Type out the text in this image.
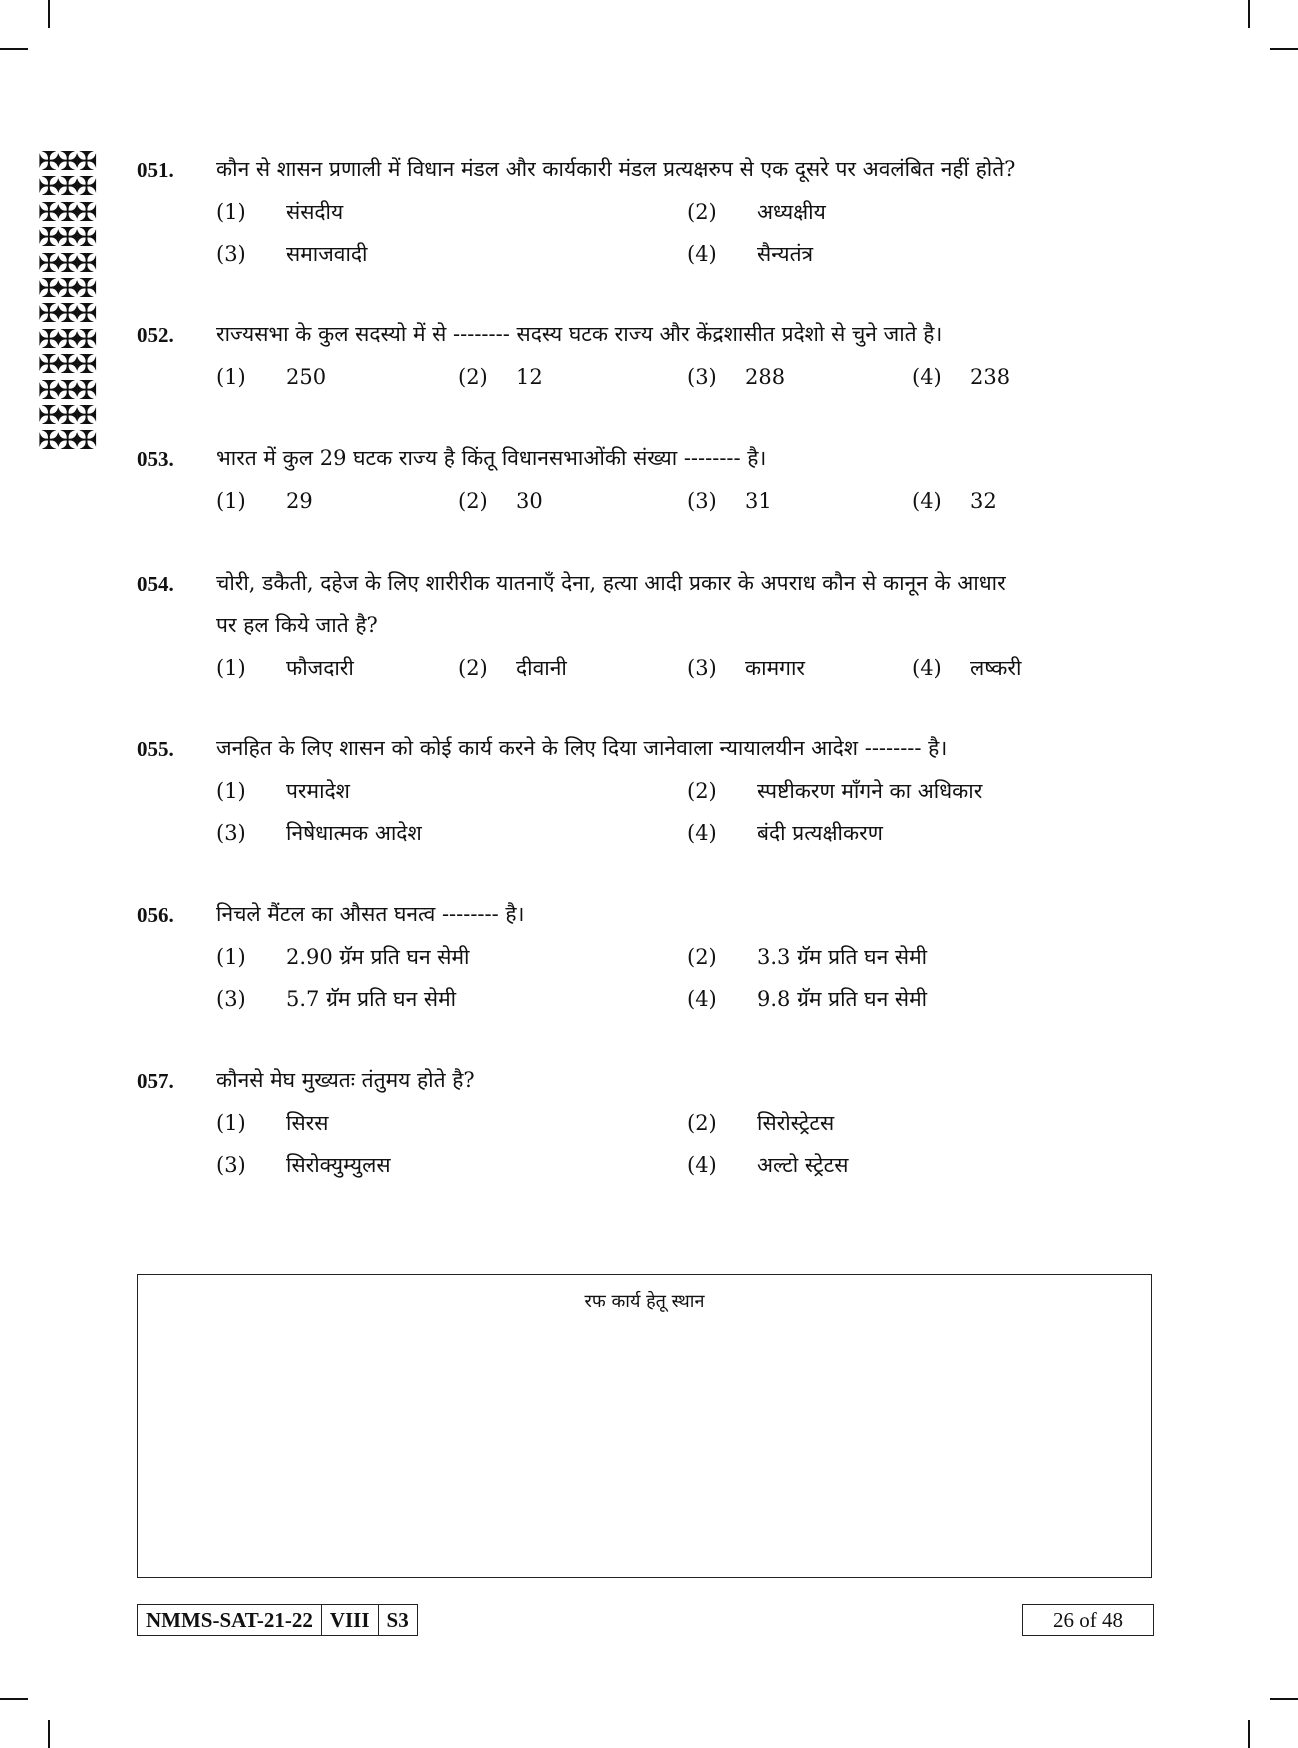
✠✠✠✠✠✠✠✠✠✠✠✠✠✠✠✠✠✠✠✠✠✠✠✠✠✠✠✠✠✠✠✠✠✠✠✠
051. कौन से शासन प्रणाली में विधान मंडल और कार्यकारी मंडल प्रत्यक्षरुप से एक दूसरे पर अवलंबित नहीं होते?
(1) संसदीय	(2) अध्यक्षीय
(3) समाजवादी	(4) सैन्यतंत्र
052. राज्यसभा के कुल सदस्यो में से -------- सदस्य घटक राज्य और केंद्रशासीत प्रदेशो से चुने जाते है।
(1) 250	(2) 12	(3) 288	(4) 238
053. भारत में कुल 29 घटक राज्य है किंतू विधानसभाओंकी संख्या -------- है।
(1) 29	(2) 30	(3) 31	(4) 32
054. चोरी, डकैती, दहेज के लिए शारीरीक यातनाएँ देना, हत्या आदी प्रकार के अपराध कौन से कानून के आधार
पर हल किये जाते है?
(1) फौजदारी	(2) दीवानी	(3) कामगार	(4) लष्करी
055. जनहित के लिए शासन को कोई कार्य करने के लिए दिया जानेवाला न्यायालयीन आदेश -------- है।
(1) परमादेश	(2) स्पष्टीकरण माँगने का अधिकार
(3) निषेधात्मक आदेश	(4) बंदी प्रत्यक्षीकरण
056. निचले मैंटल का औसत घनत्व -------- है।
(1) 2.90 ग्रॅम प्रति घन सेमी	(2) 3.3 ग्रॅम प्रति घन सेमी
(3) 5.7 ग्रॅम प्रति घन सेमी	(4) 9.8 ग्रॅम प्रति घन सेमी
057. कौनसे मेघ मुख्यतः तंतुमय होते है?
(1) सिरस	(2) सिरोस्ट्रेटस
(3) सिरोक्युम्युलस	(4) अल्टो स्ट्रेटस
रफ कार्य हेतू स्थान
NMMS-SAT-21-22 VIII S3	26 of 48
